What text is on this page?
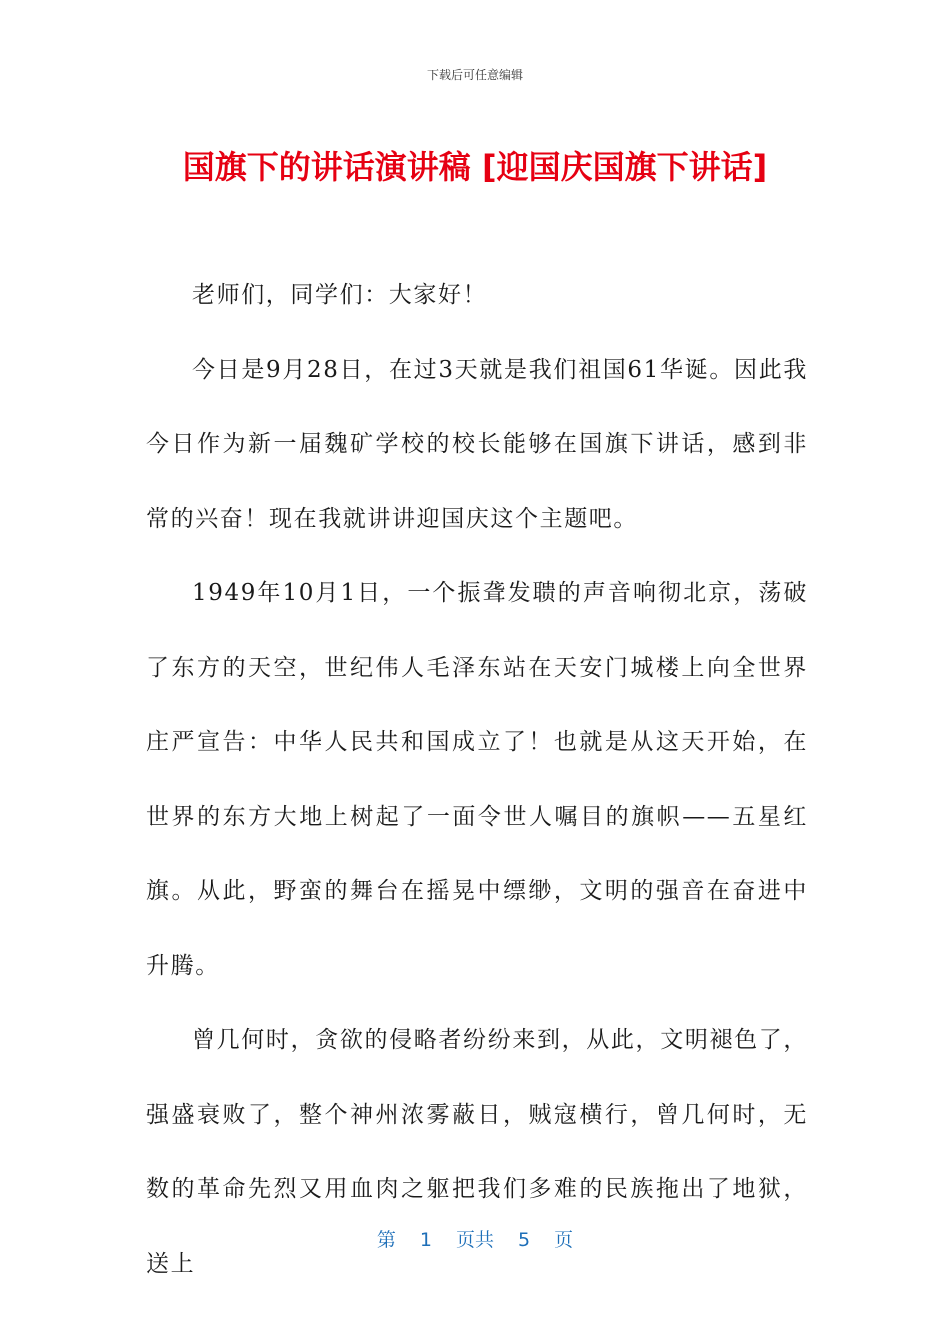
下载后可任意编辑
国旗下的讲话演讲稿 [迎国庆国旗下讲话]

老师们，同学们：大家好！

今日是9月28日，在过3天就是我们祖国61华诞。因此我今日作为新一届魏矿学校的校长能够在国旗下讲话，感到非常的兴奋！现在我就讲讲迎国庆这个主题吧。

1949年10月1日，一个振聋发聩的声音响彻北京，荡破了东方的天空，世纪伟人毛泽东站在天安门城楼上向全世界庄严宣告：中华人民共和国成立了！也就是从这天开始，在世界的东方大地上树起了一面令世人嘱目的旗帜——五星红旗。从此，野蛮的舞台在摇晃中缥缈，文明的强音在奋进中升腾。

曾几何时，贪欲的侵略者纷纷来到，从此，文明褪色了，强盛衰败了，整个神州浓雾蔽日，贼寇横行，曾几何时，无数的革命先烈又用血肉之躯把我们多难的民族拖出了地狱，送上

第 1 页共 5 页
